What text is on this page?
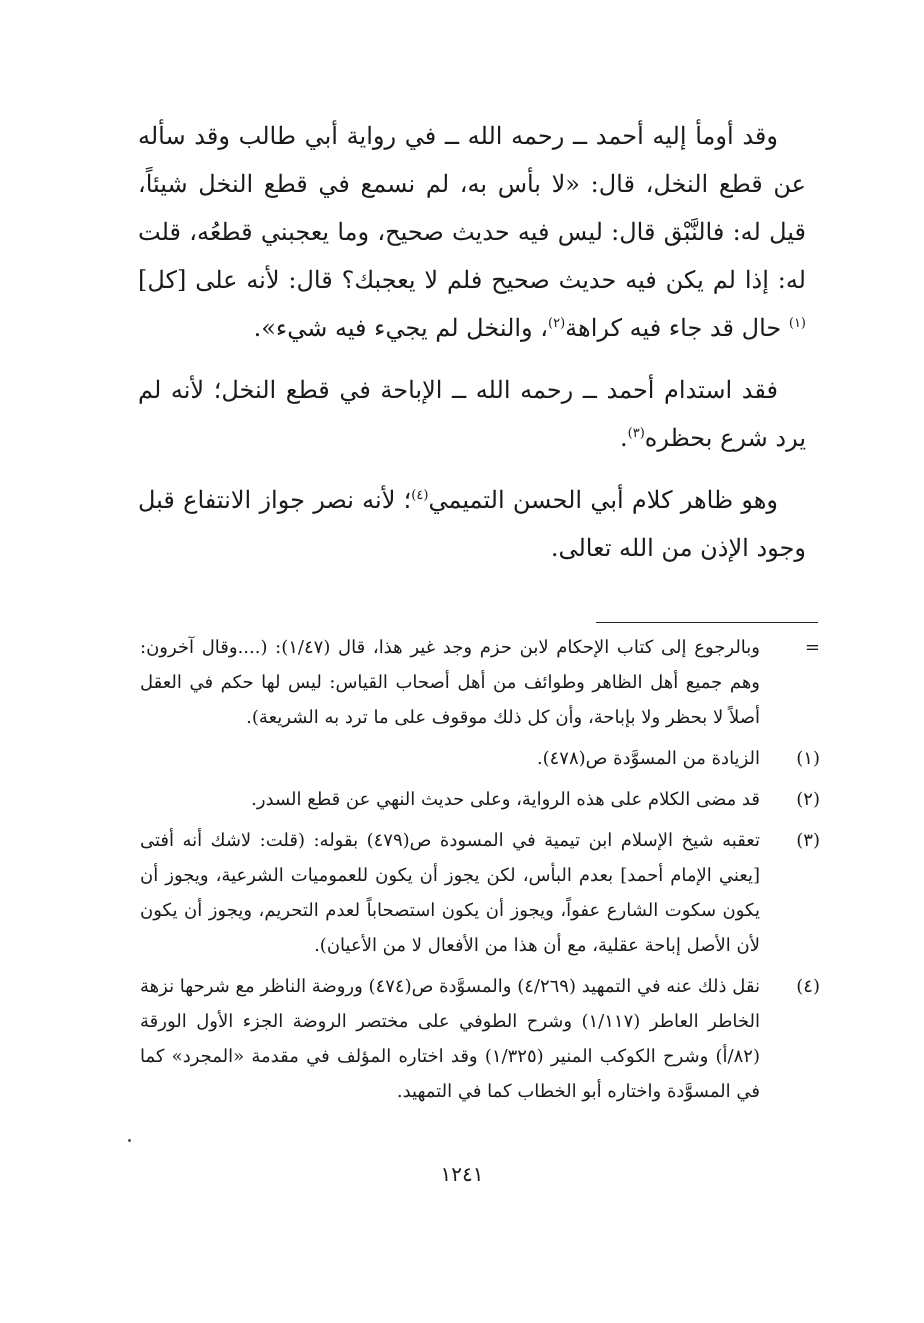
وقد أومأ إليه أحمد ــ رحمه الله ــ في رواية أبي طالب وقد سأله عن قطع النخل، قال: «لا بأس به، لم نسمع في قطع النخل شيئاً، قيل له: فالنَّبْق قال: ليس فيه حديث صحيح، وما يعجبني قطعُه، قلت له: إذا لم يكن فيه حديث صحيح فلم لا يعجبك؟ قال: لأنه على [كل]$^{(١)}$ حال قد جاء فيه كراهة$^{(٢)}$، والنخل لم يجيء فيه شيء».

فقد استدام أحمد ــ رحمه الله ــ الإباحة في قطع النخل؛ لأنه لم يرد شرع بحظره$^{(٣)}$.

وهو ظاهر كلام أبي الحسن التميمي$^{(٤)}$؛ لأنه نصر جواز الانتفاع قبل وجود الإذن من الله تعالى.

=
وبالرجوع إلى كتاب الإحكام لابن حزم وجد غير هذا، قال (١/٤٧): (....وقال آخرون: وهم جميع أهل الظاهر وطوائف من أهل أصحاب القياس: ليس لها حكم في العقل أصلاً لا بحظر ولا بإباحة، وأن كل ذلك موقوف على ما ترد به الشريعة).
(١)
الزيادة من المسوَّدة ص(٤٧٨).
(٢)
قد مضى الكلام على هذه الرواية، وعلى حديث النهي عن قطع السدر.
(٣)
تعقبه شيخ الإسلام ابن تيمية في المسودة ص(٤٧٩) بقوله: (قلت: لاشك أنه أفتى [يعني الإمام أحمد] بعدم البأس، لكن يجوز أن يكون للعموميات الشرعية، ويجوز أن يكون سكوت الشارع عفواً، ويجوز أن يكون استصحاباً لعدم التحريم، ويجوز أن يكون لأن الأصل إباحة عقلية، مع أن هذا من الأفعال لا من الأعيان).
(٤)
نقل ذلك عنه في التمهيد (٤/٢٦٩) والمسوَّدة ص(٤٧٤) وروضة الناظر مع شرحها نزهة الخاطر العاطر (١/١١٧) وشرح الطوفي على مختصر الروضة الجزء الأول الورقة (٨٢/أ) وشرح الكوكب المنير (١/٣٢٥) وقد اختاره المؤلف في مقدمة «المجرد» كما في المسوَّدة واختاره أبو الخطاب كما في التمهيد.
١٢٤١
